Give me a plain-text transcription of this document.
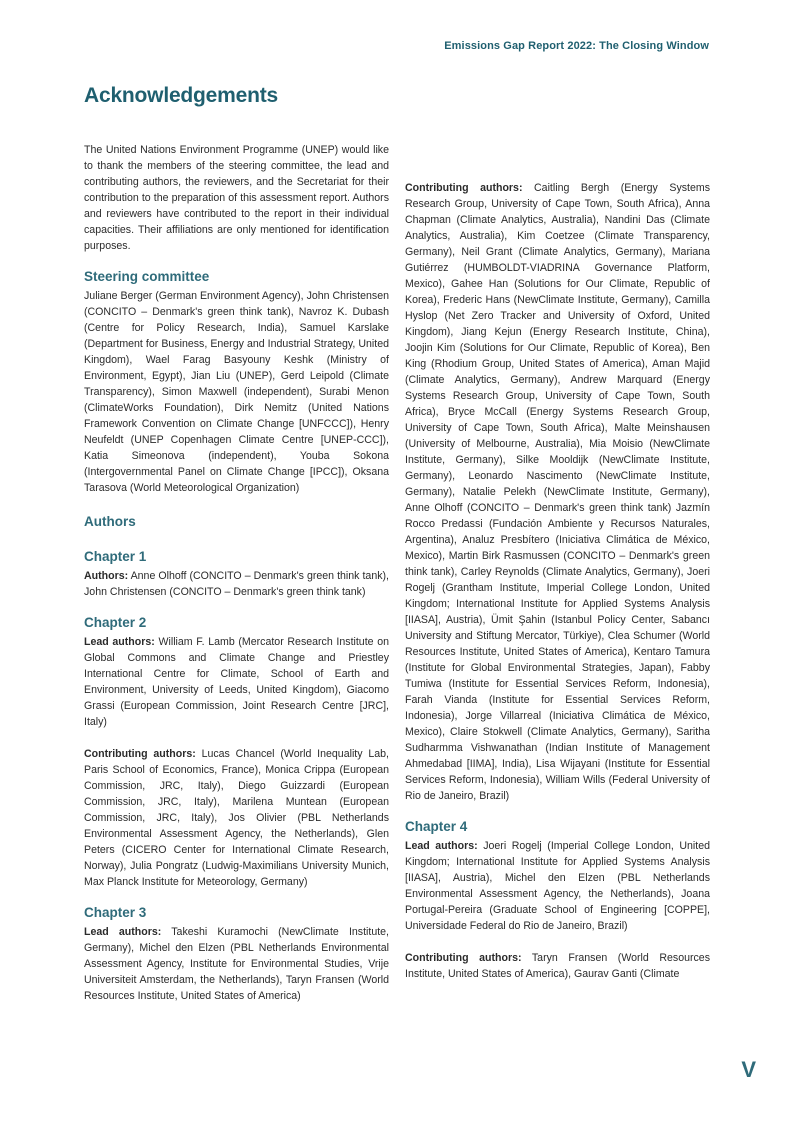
Emissions Gap Report 2022: The Closing Window
Acknowledgements

The United Nations Environment Programme (UNEP) would like to thank the members of the steering committee, the lead and contributing authors, the reviewers, and the Secretariat for their contribution to the preparation of this assessment report. Authors and reviewers have contributed to the report in their individual capacities. Their affiliations are only mentioned for identification purposes.

Steering committee

Juliane Berger (German Environment Agency), John Christensen (CONCITO – Denmark's green think tank), Navroz K. Dubash (Centre for Policy Research, India), Samuel Karslake (Department for Business, Energy and Industrial Strategy, United Kingdom), Wael Farag Basyouny Keshk (Ministry of Environment, Egypt), Jian Liu (UNEP), Gerd Leipold (Climate Transparency), Simon Maxwell (independent), Surabi Menon (ClimateWorks Foundation), Dirk Nemitz (United Nations Framework Convention on Climate Change [UNFCCC]), Henry Neufeldt (UNEP Copenhagen Climate Centre [UNEP-CCC]), Katia Simeonova (independent), Youba Sokona (Intergovernmental Panel on Climate Change [IPCC]), Oksana Tarasova (World Meteorological Organization)

Authors
Chapter 1

Authors: Anne Olhoff (CONCITO – Denmark's green think tank), John Christensen (CONCITO – Denmark's green think tank)

Chapter 2

Lead authors: William F. Lamb (Mercator Research Institute on Global Commons and Climate Change and Priestley International Centre for Climate, School of Earth and Environment, University of Leeds, United Kingdom), Giacomo Grassi (European Commission, Joint Research Centre [JRC], Italy)

Contributing authors: Lucas Chancel (World Inequality Lab, Paris School of Economics, France), Monica Crippa (European Commission, JRC, Italy), Diego Guizzardi (European Commission, JRC, Italy), Marilena Muntean (European Commission, JRC, Italy), Jos Olivier (PBL Netherlands Environmental Assessment Agency, the Netherlands), Glen Peters (CICERO Center for International Climate Research, Norway), Julia Pongratz (Ludwig-Maximilians University Munich, Max Planck Institute for Meteorology, Germany)

Chapter 3

Lead authors: Takeshi Kuramochi (NewClimate Institute, Germany), Michel den Elzen (PBL Netherlands Environmental Assessment Agency, Institute for Environmental Studies, Vrije Universiteit Amsterdam, the Netherlands), Taryn Fransen (World Resources Institute, United States of America)

Contributing authors: Caitling Bergh (Energy Systems Research Group, University of Cape Town, South Africa), Anna Chapman (Climate Analytics, Australia), Nandini Das (Climate Analytics, Australia), Kim Coetzee (Climate Transparency, Germany), Neil Grant (Climate Analytics, Germany), Mariana Gutiérrez (HUMBOLDT-VIADRINA Governance Platform, Mexico), Gahee Han (Solutions for Our Climate, Republic of Korea), Frederic Hans (NewClimate Institute, Germany), Camilla Hyslop (Net Zero Tracker and University of Oxford, United Kingdom), Jiang Kejun (Energy Research Institute, China), Joojin Kim (Solutions for Our Climate, Republic of Korea), Ben King (Rhodium Group, United States of America), Aman Majid (Climate Analytics, Germany), Andrew Marquard (Energy Systems Research Group, University of Cape Town, South Africa), Bryce McCall (Energy Systems Research Group, University of Cape Town, South Africa), Malte Meinshausen (University of Melbourne, Australia), Mia Moisio (NewClimate Institute, Germany), Silke Mooldijk (NewClimate Institute, Germany), Leonardo Nascimento (NewClimate Institute, Germany), Natalie Pelekh (NewClimate Institute, Germany), Anne Olhoff (CONCITO – Denmark's green think tank) Jazmín Rocco Predassi (Fundación Ambiente y Recursos Naturales, Argentina), Analuz Presbítero (Iniciativa Climática de México, Mexico), Martin Birk Rasmussen (CONCITO – Denmark's green think tank), Carley Reynolds (Climate Analytics, Germany), Joeri Rogelj (Grantham Institute, Imperial College London, United Kingdom; International Institute for Applied Systems Analysis [IIASA], Austria), Ümit Şahin (Istanbul Policy Center, Sabancı University and Stiftung Mercator, Türkiye), Clea Schumer (World Resources Institute, United States of America), Kentaro Tamura (Institute for Global Environmental Strategies, Japan), Fabby Tumiwa (Institute for Essential Services Reform, Indonesia), Farah Vianda (Institute for Essential Services Reform, Indonesia), Jorge Villarreal (Iniciativa Climática de México, Mexico), Claire Stokwell (Climate Analytics, Germany), Saritha Sudharmma Vishwanathan (Indian Institute of Management Ahmedabad [IIMA], India), Lisa Wijayani (Institute for Essential Services Reform, Indonesia), William Wills (Federal University of Rio de Janeiro, Brazil)

Chapter 4

Lead authors: Joeri Rogelj (Imperial College London, United Kingdom; International Institute for Applied Systems Analysis [IIASA], Austria), Michel den Elzen (PBL Netherlands Environmental Assessment Agency, the Netherlands), Joana Portugal-Pereira (Graduate School of Engineering [COPPE], Universidade Federal do Rio de Janeiro, Brazil)

Contributing authors: Taryn Fransen (World Resources Institute, United States of America), Gaurav Ganti (Climate

V
